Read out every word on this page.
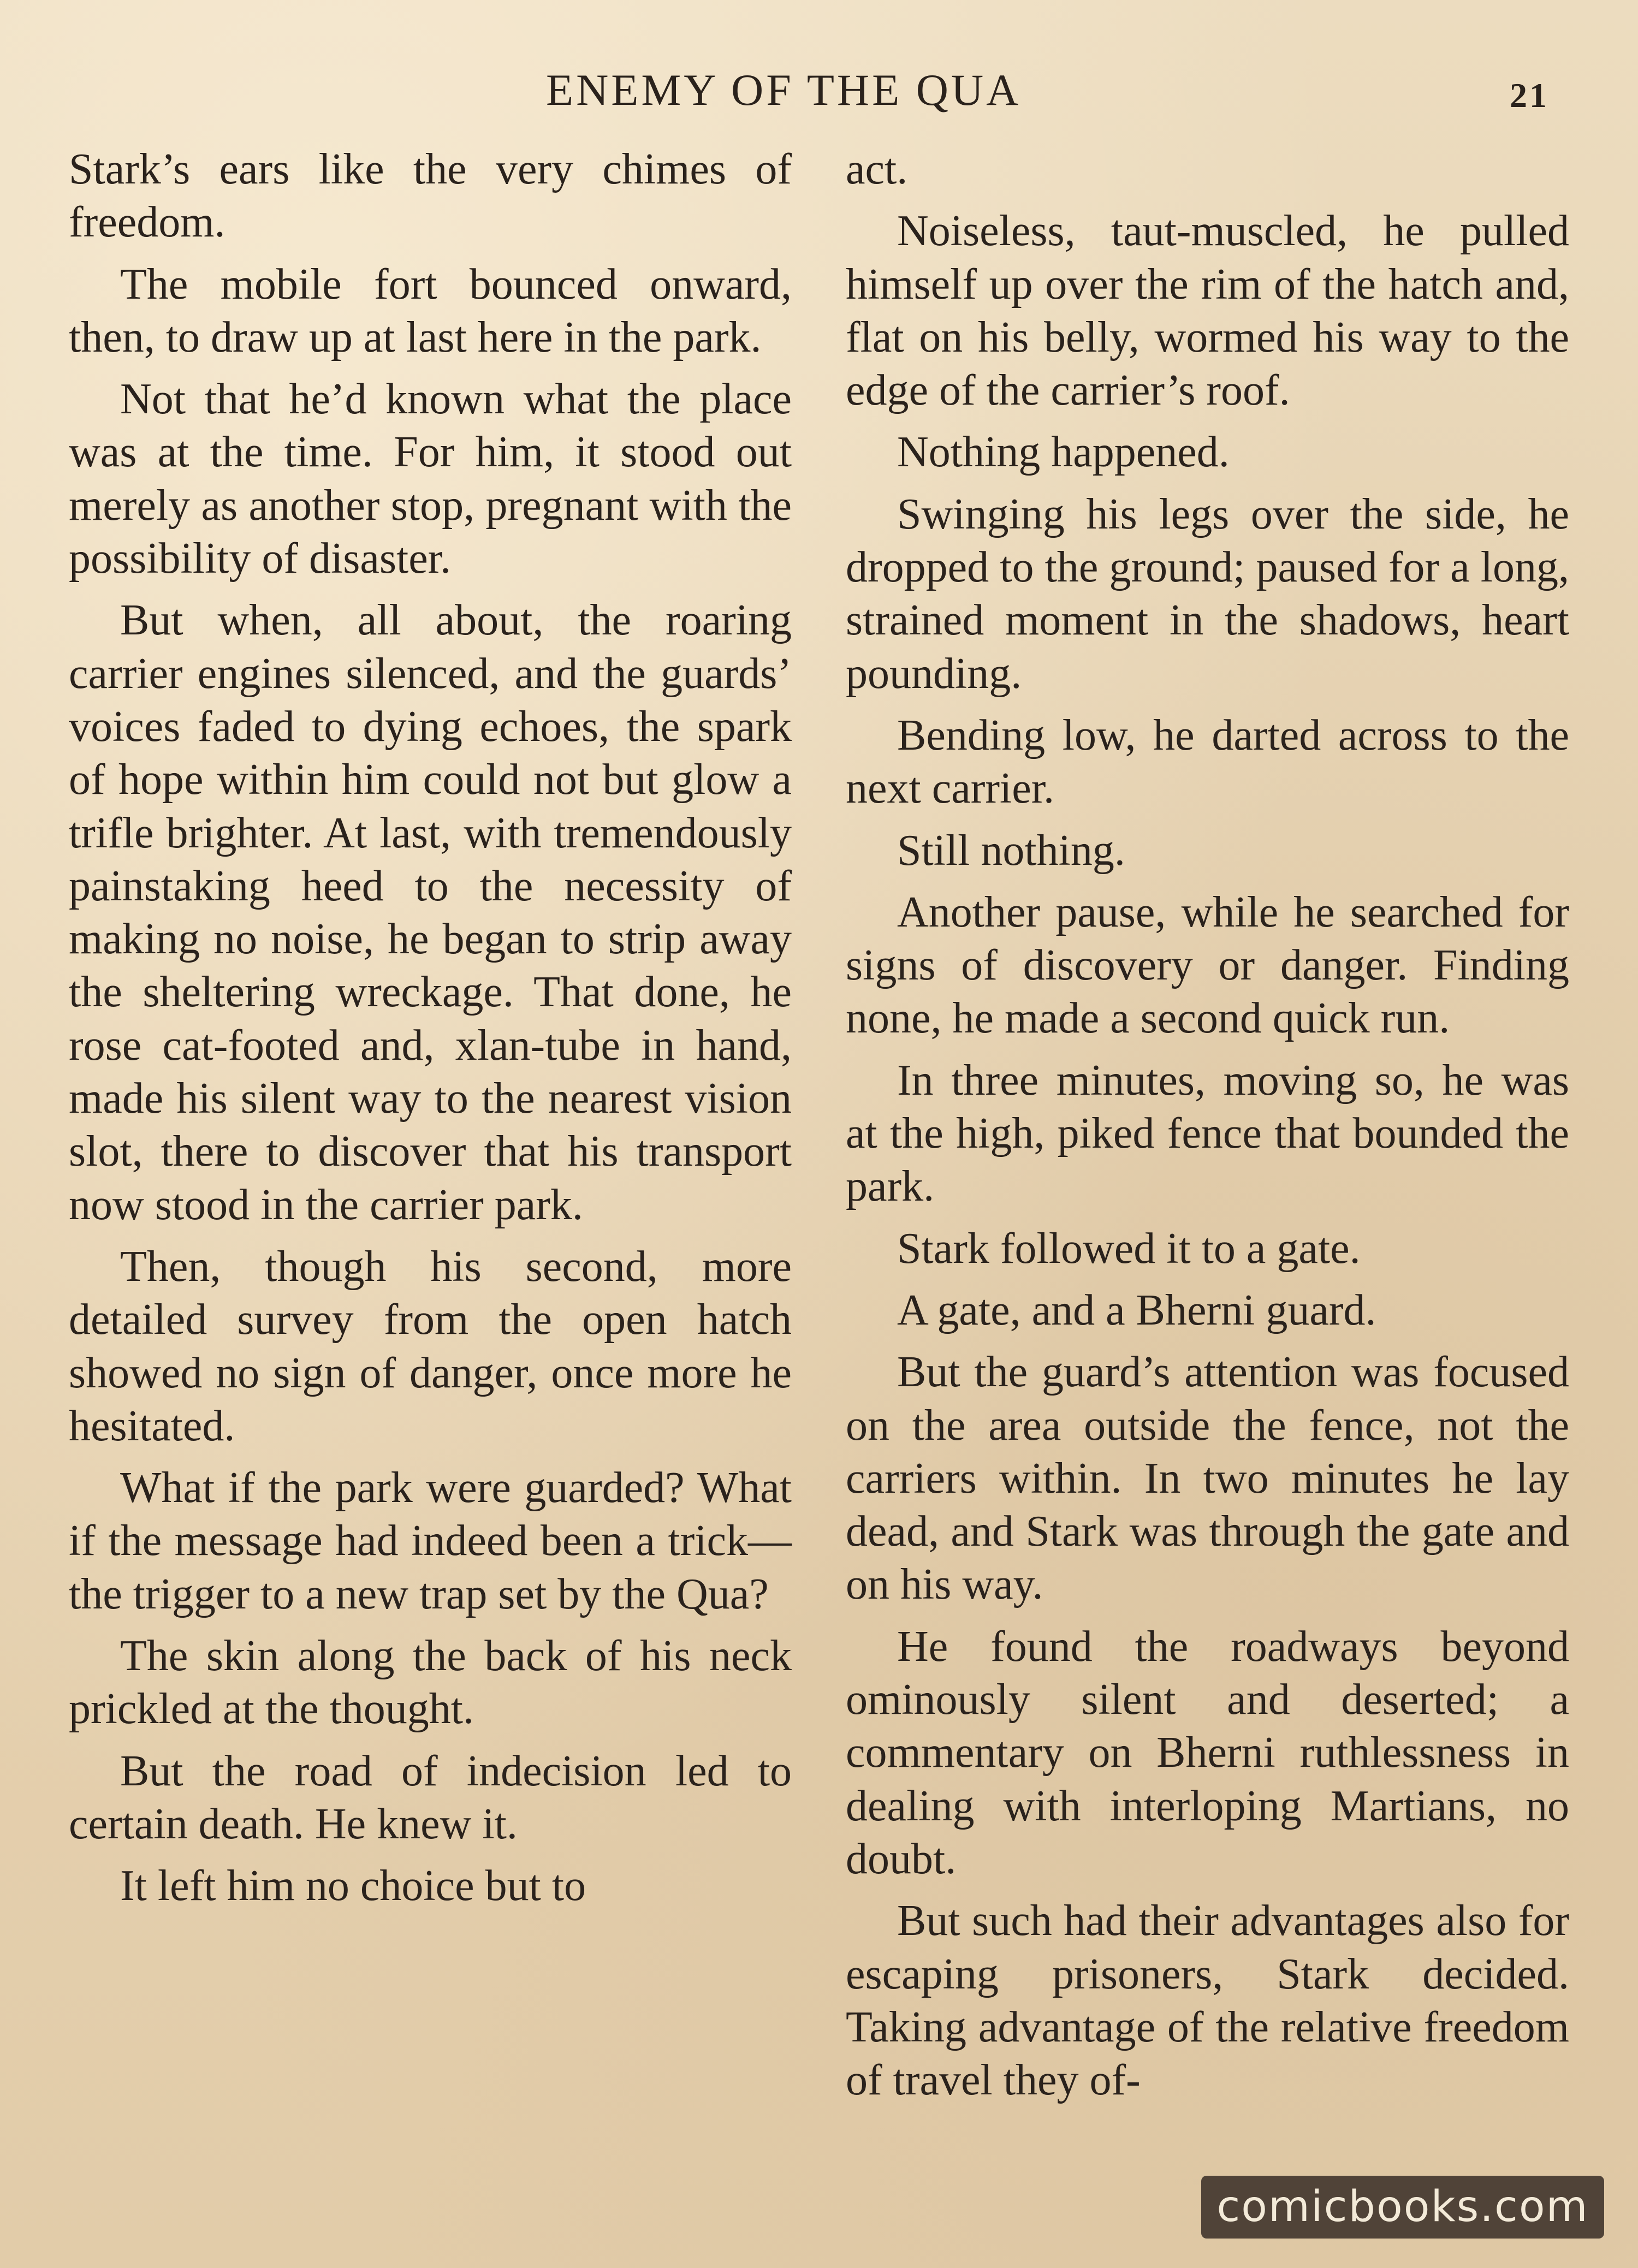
ENEMY OF THE QUA	21

Stark’s ears like the very chimes of freedom.

The mobile fort bounced onward, then, to draw up at last here in the park.

Not that he’d known what the place was at the time. For him, it stood out merely as another stop, pregnant with the possibility of disaster.

But when, all about, the roaring carrier engines silenced, and the guards’ voices faded to dying echoes, the spark of hope within him could not but glow a trifle brighter. At last, with tremendously painstaking heed to the necessity of making no noise, he began to strip away the sheltering wreckage. That done, he rose cat-footed and, xlan-tube in hand, made his silent way to the nearest vision slot, there to discover that his transport now stood in the carrier park.

Then, though his second, more detailed survey from the open hatch showed no sign of danger, once more he hesitated.

What if the park were guarded? What if the message had indeed been a trick—the trigger to a new trap set by the Qua?

The skin along the back of his neck prickled at the thought.

But the road of indecision led to certain death. He knew it.

It left him no choice but to

act.

Noiseless, taut-muscled, he pulled himself up over the rim of the hatch and, flat on his belly, wormed his way to the edge of the carrier’s roof.

Nothing happened.

Swinging his legs over the side, he dropped to the ground; paused for a long, strained moment in the shadows, heart pounding.

Bending low, he darted across to the next carrier.

Still nothing.

Another pause, while he searched for signs of discovery or danger. Finding none, he made a second quick run.

In three minutes, moving so, he was at the high, piked fence that bounded the park.

Stark followed it to a gate.

A gate, and a Bherni guard.

But the guard’s attention was focused on the area outside the fence, not the carriers within. In two minutes he lay dead, and Stark was through the gate and on his way.

He found the roadways beyond ominously silent and deserted; a commentary on Bherni ruthlessness in dealing with interloping Martians, no doubt.

But such had their advantages also for escaping prisoners, Stark decided. Taking advantage of the relative freedom of travel they of-

comicbooks.com
